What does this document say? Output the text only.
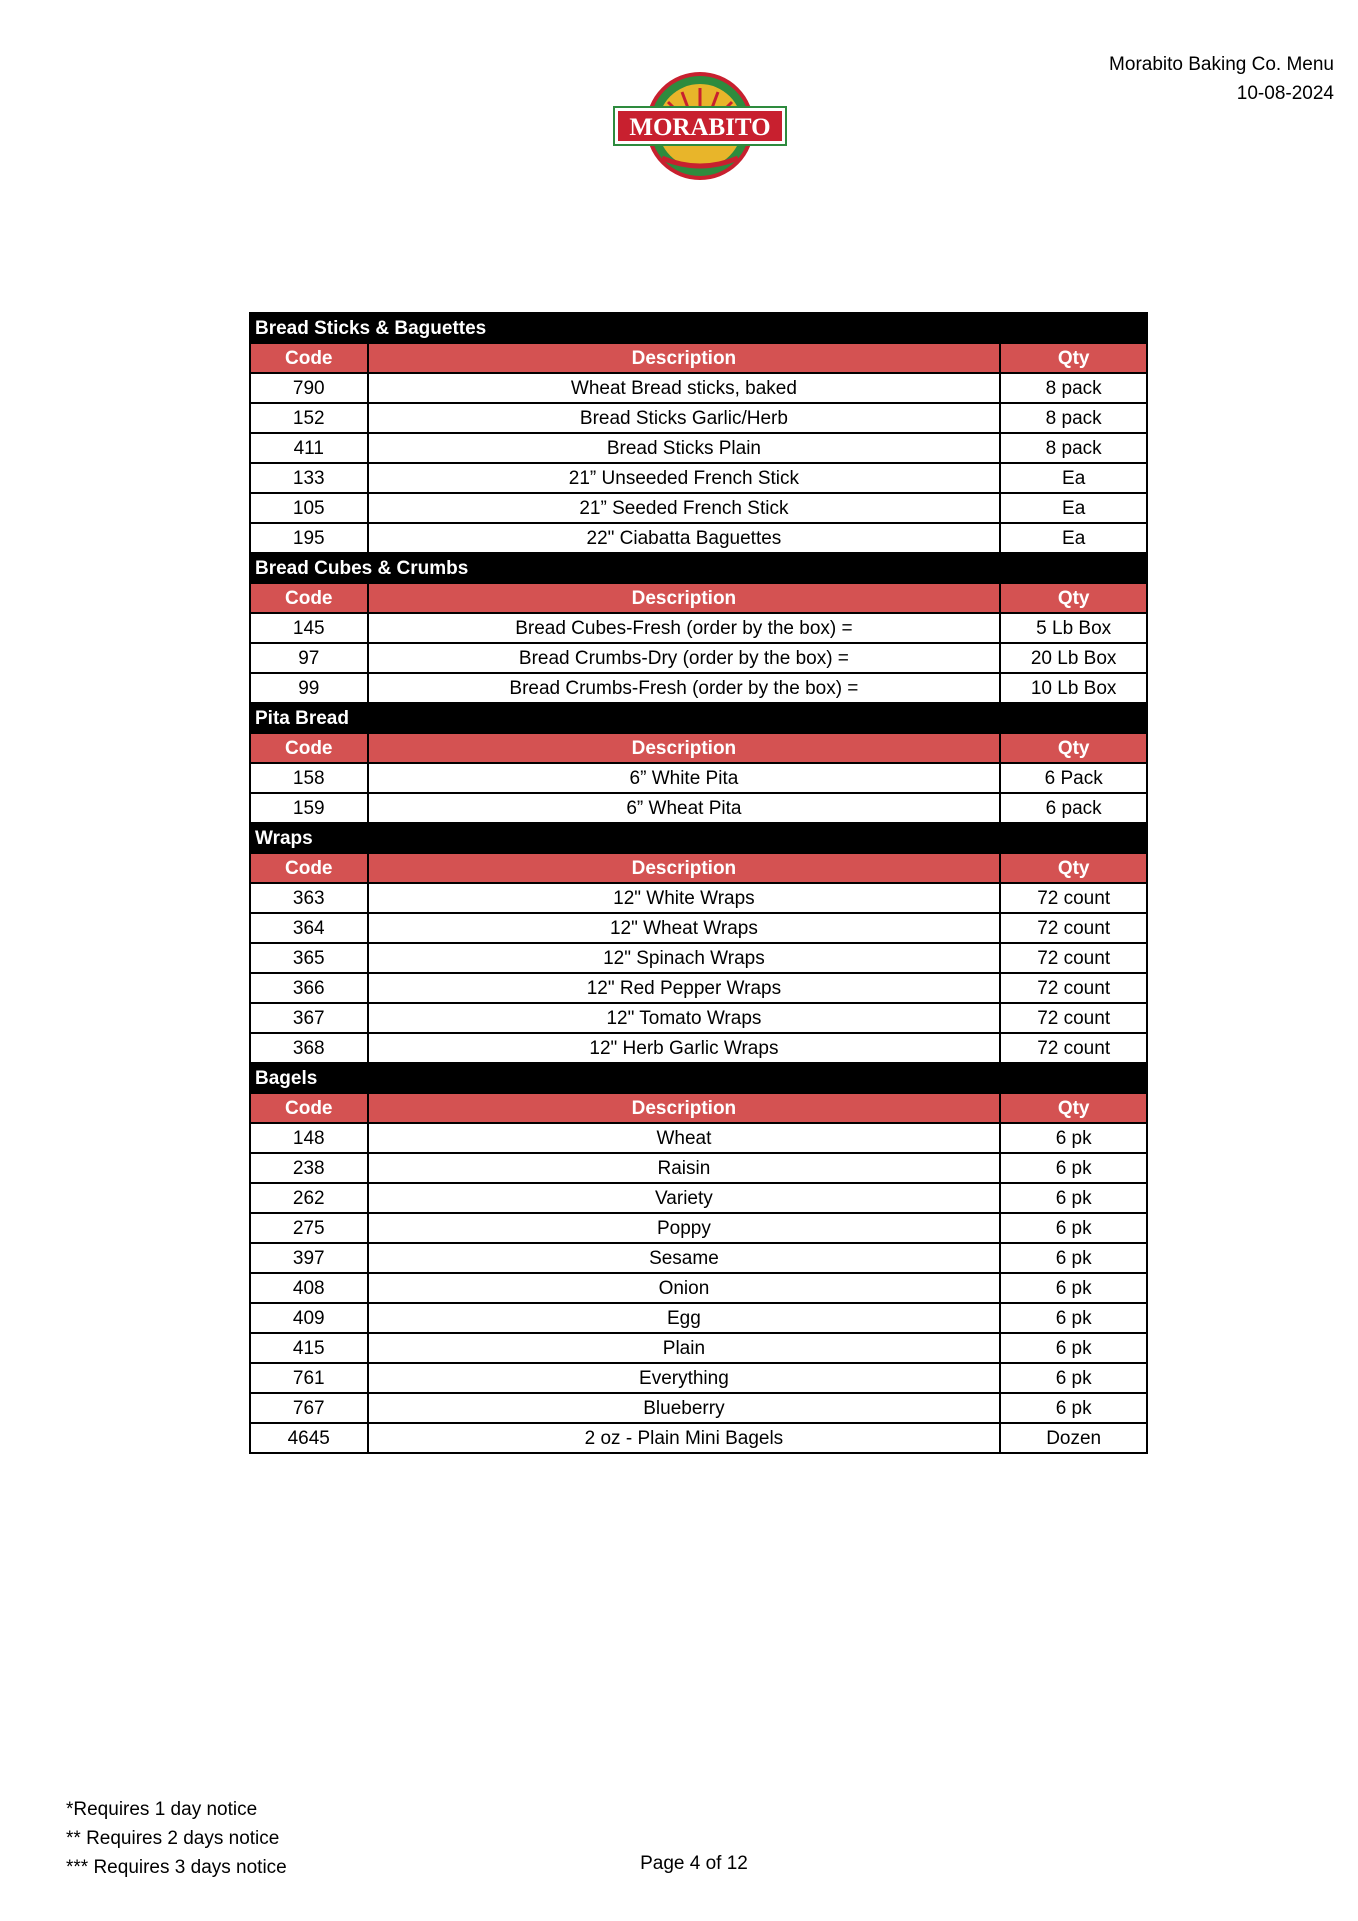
Morabito Baking Co. Menu
10-08-2024
MORABITO
Bread Sticks & Baguettes		
Code	Description	Qty
790	Wheat Bread sticks, baked	8 pack
152	Bread Sticks Garlic/Herb	8 pack
411	Bread Sticks Plain	8 pack
133	21” Unseeded French Stick	Ea
105	21” Seeded French Stick	Ea
195	22" Ciabatta Baguettes	Ea
Bread Cubes & Crumbs		
Code	Description	Qty
145	Bread Cubes-Fresh (order by the box) =	5 Lb Box
97	Bread Crumbs-Dry (order by the box) =	20 Lb Box
99	Bread Crumbs-Fresh (order by the box) =	10 Lb Box
Pita Bread		
Code	Description	Qty
158	6” White Pita	6 Pack
159	6” Wheat Pita	6 pack
Wraps		
Code	Description	Qty
363	12" White Wraps	72 count
364	12" Wheat Wraps	72 count
365	12" Spinach Wraps	72 count
366	12" Red Pepper Wraps	72 count
367	12" Tomato Wraps	72 count
368	12" Herb Garlic Wraps	72 count
Bagels		
Code	Description	Qty
148	Wheat	6 pk
238	Raisin	6 pk
262	Variety	6 pk
275	Poppy	6 pk
397	Sesame	6 pk
408	Onion	6 pk
409	Egg	6 pk
415	Plain	6 pk
761	Everything	6 pk
767	Blueberry	6 pk
4645	2 oz - Plain Mini Bagels	Dozen
*Requires 1 day notice
** Requires 2 days notice
*** Requires 3 days notice	Page 4 of 12
